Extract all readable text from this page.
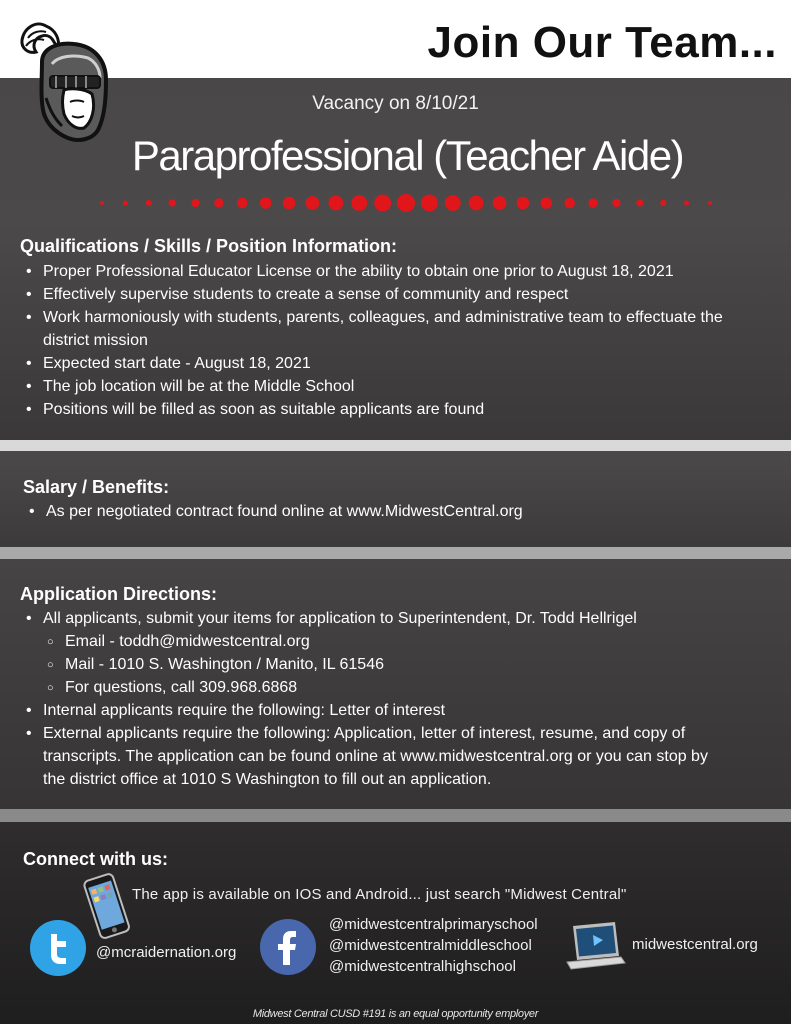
Join Our Team...
Vacancy on 8/10/21
Paraprofessional (Teacher Aide)
Qualifications / Skills / Position Information:
• Proper Professional Educator License or the ability to obtain one prior to August 18, 2021
• Effectively supervise students to create a sense of community and respect
• Work harmoniously with students, parents, colleagues, and administrative team to effectuate the district mission
• Expected start date - August 18, 2021
• The job location will be at the Middle School
• Positions will be filled as soon as suitable applicants are found
Salary / Benefits:
• As per negotiated contract found online at www.MidwestCentral.org
Application Directions:
• All applicants, submit your items for application to Superintendent, Dr. Todd Hellrigel
○ Email - toddh@midwestcentral.org
○ Mail - 1010 S. Washington / Manito, IL 61546
○ For questions, call 309.968.6868
• Internal applicants require the following: Letter of interest
• External applicants require the following: Application, letter of interest, resume, and copy of transcripts. The application can be found online at www.midwestcentral.org or you can stop by the district office at 1010 S Washington to fill out an application.
Connect with us:
The app is available on IOS and Android... just search "Midwest Central"
@mcraidernation.org
@midwestcentralprimaryschool
@midwestcentralmiddleschool
@midwestcentralhighschool
midwestcentral.org
Midwest Central CUSD #191 is an equal opportunity employer
